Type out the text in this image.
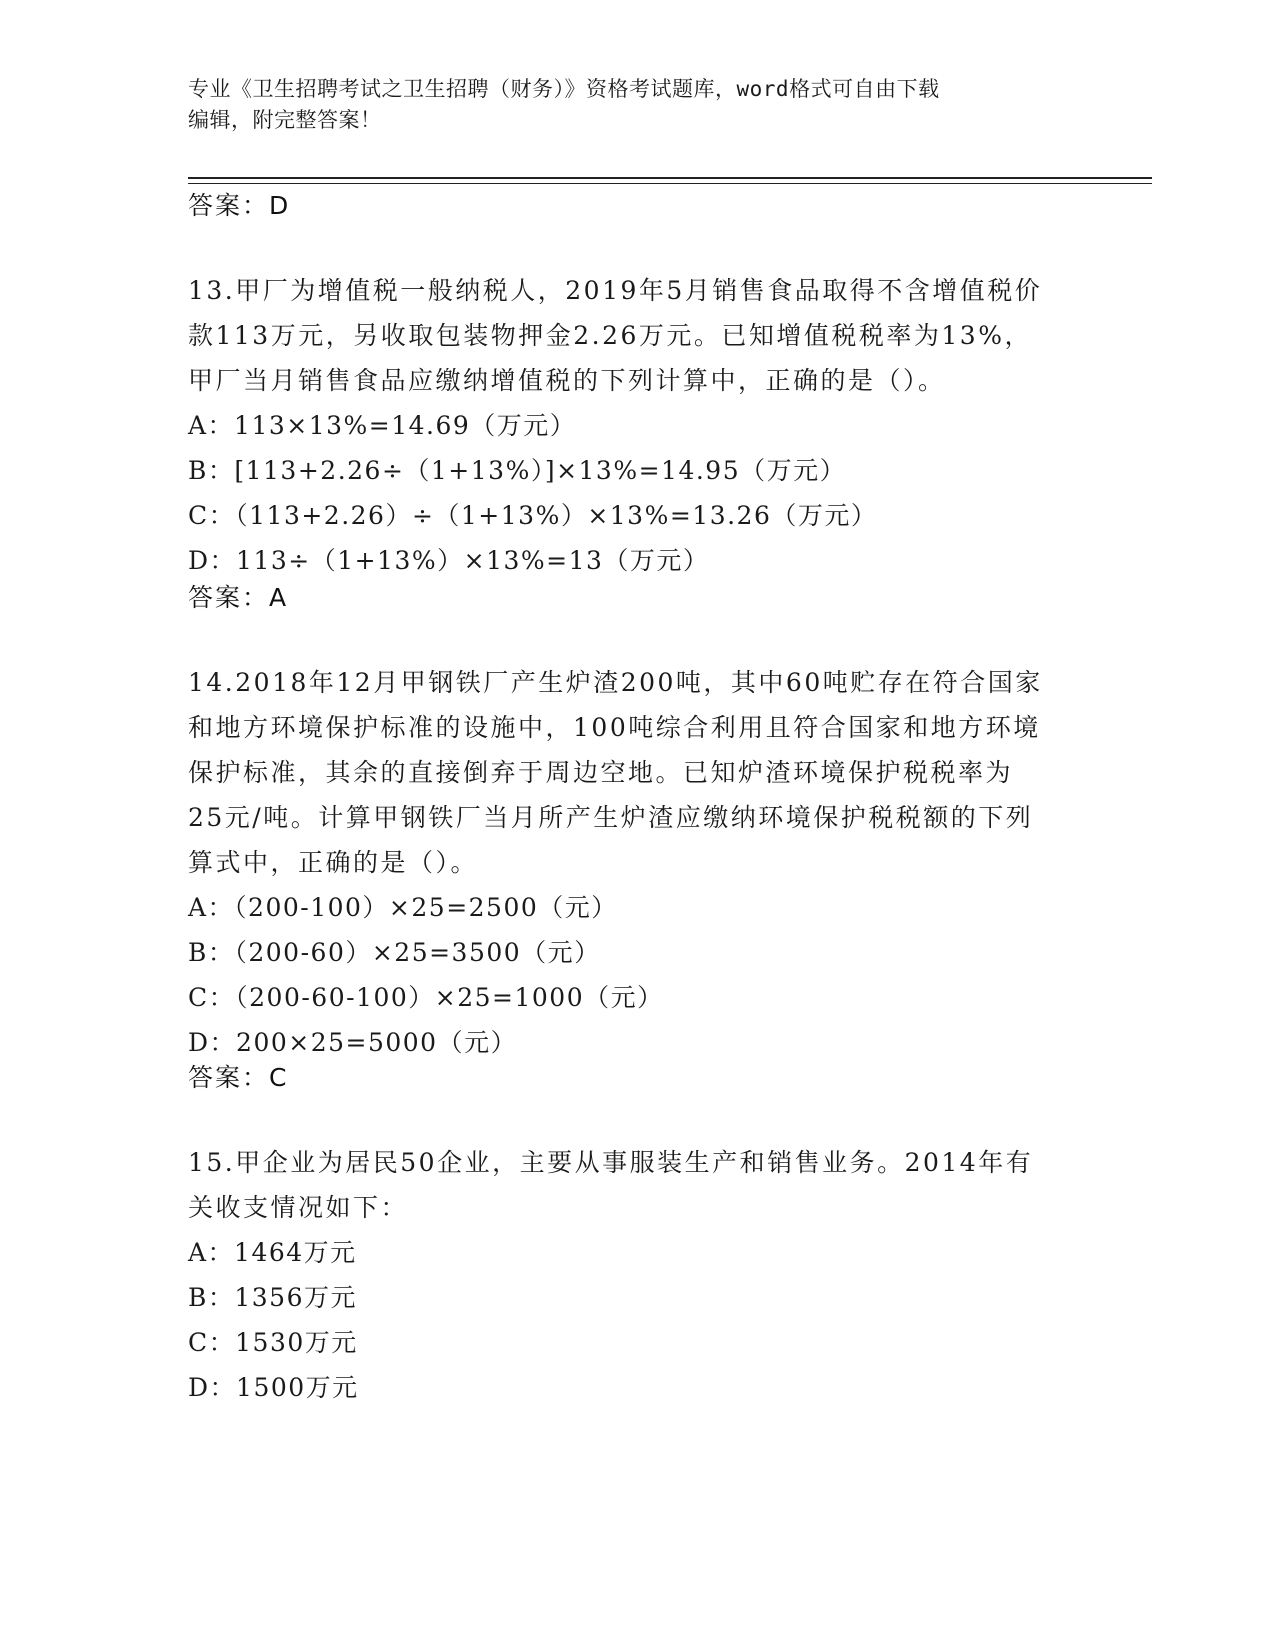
专业《卫生招聘考试之卫生招聘（财务）》资格考试题库，word格式可自由下载
编辑，附完整答案！
答案：D

13.甲厂为增值税一般纳税人，2019年5月销售食品取得不含增值税价

款113万元，另收取包装物押金2.26万元。已知增值税税率为13%，

甲厂当月销售食品应缴纳增值税的下列计算中，正确的是（）。

A：113×13%=14.69（万元）

B：[113+2.26÷（1+13%）]×13%=14.95（万元）

C：（113+2.26）÷（1+13%）×13%=13.26（万元）

D：113÷（1+13%）×13%=13（万元）

答案：A

14.2018年12月甲钢铁厂产生炉渣200吨，其中60吨贮存在符合国家

和地方环境保护标准的设施中，100吨综合利用且符合国家和地方环境

保护标准，其余的直接倒弃于周边空地。已知炉渣环境保护税税率为

25元/吨。计算甲钢铁厂当月所产生炉渣应缴纳环境保护税税额的下列

算式中，正确的是（）。

A：（200-100）×25=2500（元）

B：（200-60）×25=3500（元）

C：（200-60-100）×25=1000（元）

D：200×25=5000（元）

答案：C

15.甲企业为居民50企业，主要从事服装生产和销售业务。2014年有

关收支情况如下：

A：1464万元

B：1356万元

C：1530万元

D：1500万元
